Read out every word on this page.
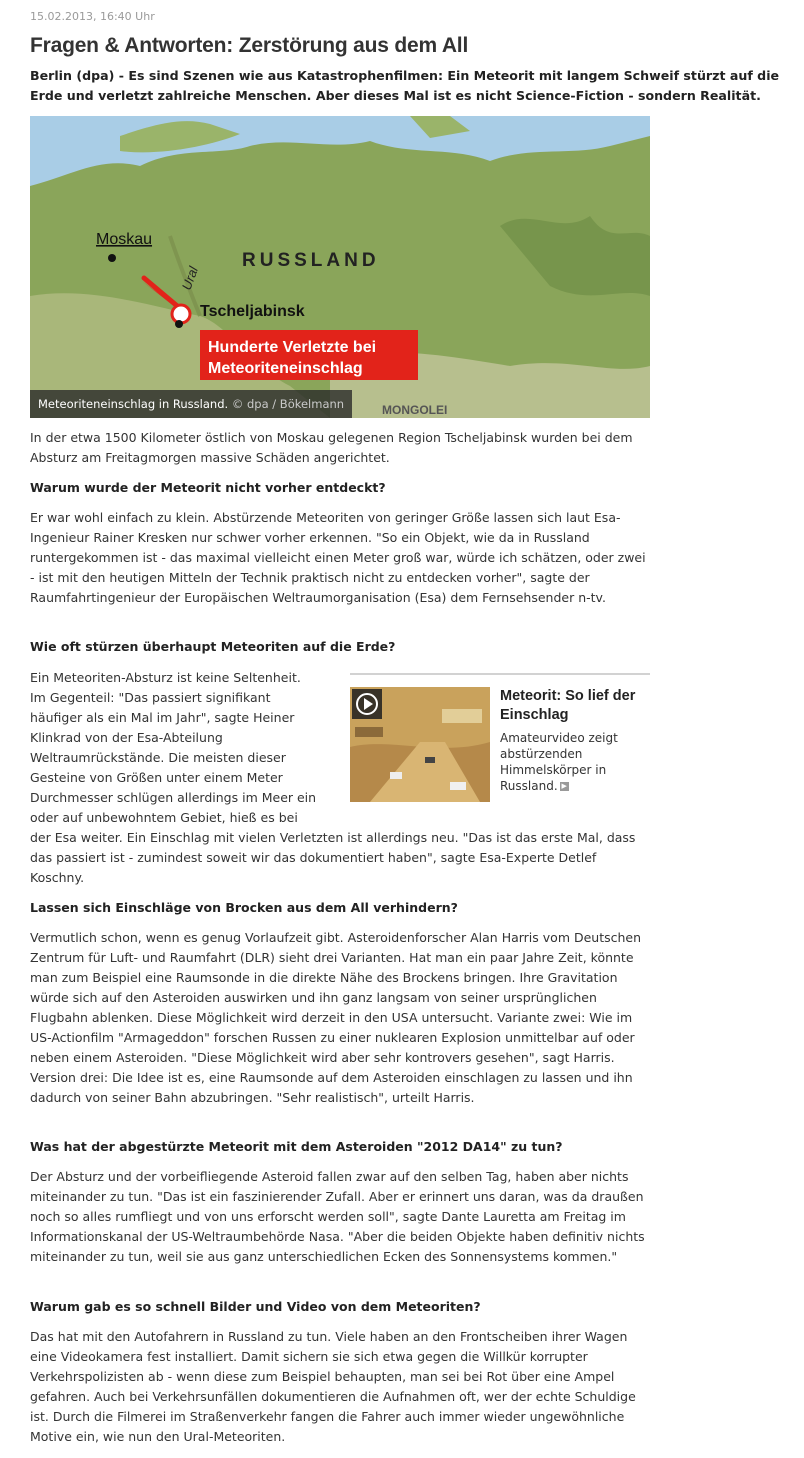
15.02.2013, 16:40 Uhr
Fragen & Antworten: Zerstörung aus dem All

Berlin (dpa) - Es sind Szenen wie aus Katastrophenfilmen: Ein Meteorit mit langem Schweif stürzt auf die Erde und verletzt zahlreiche Menschen. Aber dieses Mal ist es nicht Science-Fiction - sondern Realität.

Moskau
Ural
RUSSLAND
Tscheljabinsk
Hunderte Verletzte bei
Meteoriteneinschlag
MONGOLEI
Meteoriteneinschlag in Russland. © dpa / Bökelmann

In der etwa 1500 Kilometer östlich von Moskau gelegenen Region Tscheljabinsk wurden bei dem Absturz am Freitagmorgen massive Schäden angerichtet.

Warum wurde der Meteorit nicht vorher entdeckt?

Er war wohl einfach zu klein. Abstürzende Meteoriten von geringer Größe lassen sich laut Esa-Ingenieur Rainer Kresken nur schwer vorher erkennen. "So ein Objekt, wie da in Russland runtergekommen ist - das maximal vielleicht einen Meter groß war, würde ich schätzen, oder zwei - ist mit den heutigen Mitteln der Technik praktisch nicht zu entdecken vorher", sagte der Raumfahrtingenieur der Europäischen Weltraumorganisation (Esa) dem Fernsehsender n-tv.

Wie oft stürzen überhaupt Meteoriten auf die Erde?

Ein Meteoriten-Absturz ist keine Seltenheit.

Im Gegenteil: "Das passiert signifikant

häufiger als ein Mal im Jahr", sagte Heiner

Klinkrad von der Esa-Abteilung

Weltraumrückstände. Die meisten dieser

Gesteine von Größen unter einem Meter

Durchmesser schlügen allerdings im Meer ein

oder auf unbewohntem Gebiet, hieß es bei

der Esa weiter. Ein Einschlag mit vielen Verletzten ist allerdings neu. "Das ist das erste Mal, dass das passiert ist - zumindest soweit wir das dokumentiert haben", sagte Esa-Experte Detlef Koschny.

Meteorit: So lief der Einschlag

Amateurvideo zeigt abstürzenden Himmelskörper in Russland. ▶

Lassen sich Einschläge von Brocken aus dem All verhindern?

Vermutlich schon, wenn es genug Vorlaufzeit gibt. Asteroidenforscher Alan Harris vom Deutschen Zentrum für Luft- und Raumfahrt (DLR) sieht drei Varianten. Hat man ein paar Jahre Zeit, könnte man zum Beispiel eine Raumsonde in die direkte Nähe des Brockens bringen. Ihre Gravitation würde sich auf den Asteroiden auswirken und ihn ganz langsam von seiner ursprünglichen Flugbahn ablenken. Diese Möglichkeit wird derzeit in den USA untersucht. Variante zwei: Wie im US-Actionfilm "Armageddon" forschen Russen zu einer nuklearen Explosion unmittelbar auf oder neben einem Asteroiden. "Diese Möglichkeit wird aber sehr kontrovers gesehen", sagt Harris. Version drei: Die Idee ist es, eine Raumsonde auf dem Asteroiden einschlagen zu lassen und ihn dadurch von seiner Bahn abzubringen. "Sehr realistisch", urteilt Harris.

Was hat der abgestürzte Meteorit mit dem Asteroiden "2012 DA14" zu tun?

Der Absturz und der vorbeifliegende Asteroid fallen zwar auf den selben Tag, haben aber nichts miteinander zu tun. "Das ist ein faszinierender Zufall. Aber er erinnert uns daran, was da draußen noch so alles rumfliegt und von uns erforscht werden soll", sagte Dante Lauretta am Freitag im Informationskanal der US-Weltraumbehörde Nasa. "Aber die beiden Objekte haben definitiv nichts miteinander zu tun, weil sie aus ganz unterschiedlichen Ecken des Sonnensystems kommen."

Warum gab es so schnell Bilder und Video von dem Meteoriten?

Das hat mit den Autofahrern in Russland zu tun. Viele haben an den Frontscheiben ihrer Wagen eine Videokamera fest installiert. Damit sichern sie sich etwa gegen die Willkür korrupter Verkehrspolizisten ab - wenn diese zum Beispiel behaupten, man sei bei Rot über eine Ampel gefahren. Auch bei Verkehrsunfällen dokumentieren die Aufnahmen oft, wer der echte Schuldige ist. Durch die Filmerei im Straßenverkehr fangen die Fahrer auch immer wieder ungewöhnliche Motive ein, wie nun den Ural-Meteoriten.
